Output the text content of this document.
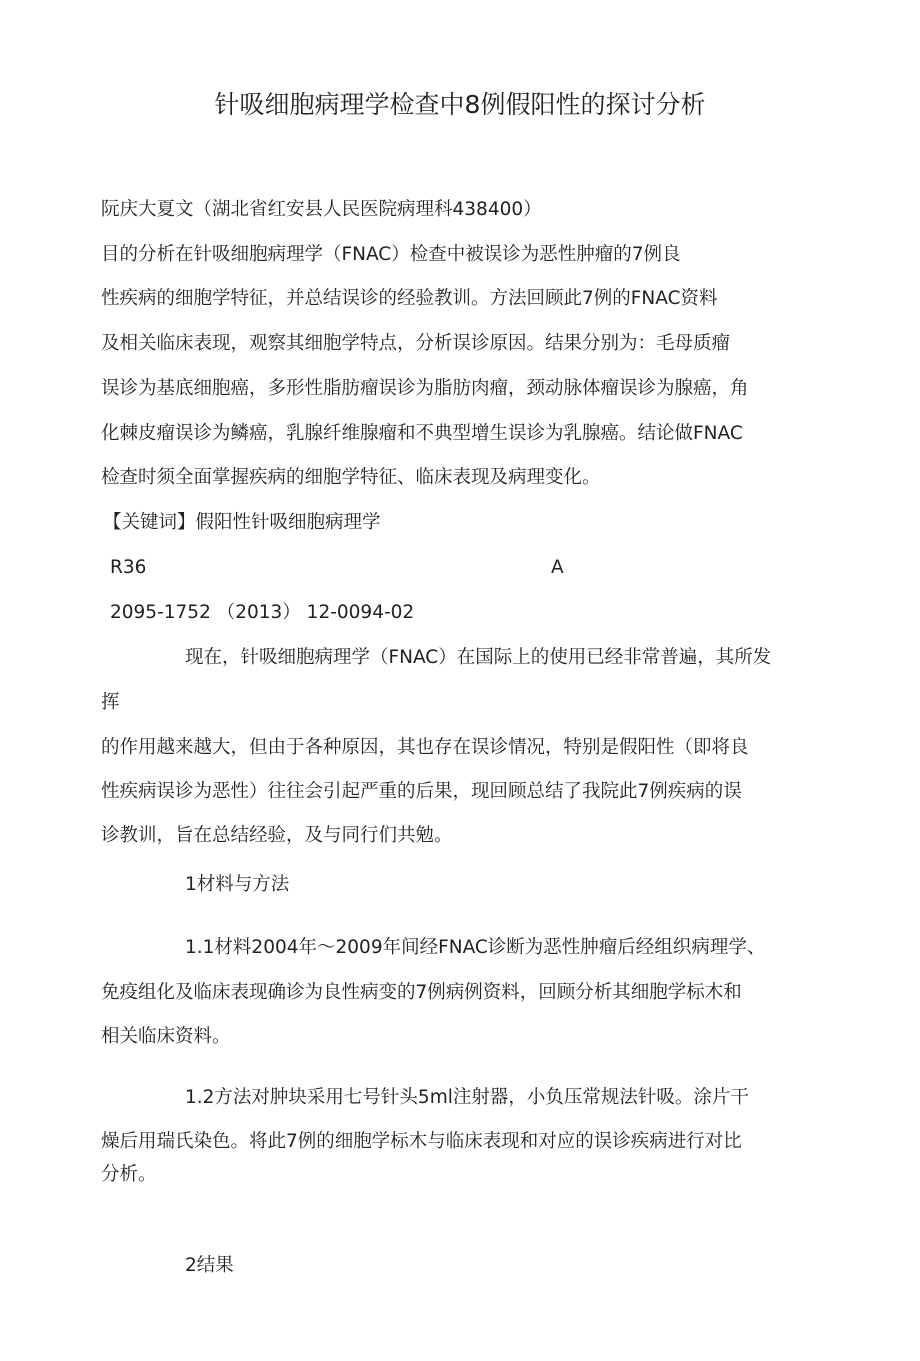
针吸细胞病理学检查中8例假阳性的探讨分析
阮庆大夏文（湖北省红安县人民医院病理科438400）
目的分析在针吸细胞病理学（FNAC）检查中被误诊为恶性肿瘤的7例良
性疾病的细胞学特征，并总结误诊的经验教训。方法回顾此7例的FNAC资料
及相关临床表现，观察其细胞学特点，分析误诊原因。结果分别为：毛母质瘤
误诊为基底细胞癌，多形性脂肪瘤误诊为脂肪肉瘤，颈动脉体瘤误诊为腺癌，角
化棘皮瘤误诊为鳞癌，乳腺纤维腺瘤和不典型增生误诊为乳腺癌。结论做FNAC
检查时须全面掌握疾病的细胞学特征、临床表现及病理变化。
【关键词】假阳性针吸细胞病理学
R36	A
2095-1752 （2013） 12-0094-02
现在，针吸细胞病理学（FNAC）在国际上的使用已经非常普遍，其所发
挥
的作用越来越大，但由于各种原因，其也存在误诊情况，特别是假阳性（即将良
性疾病误诊为恶性）往往会引起严重的后果，现回顾总结了我院此7例疾病的误
诊教训，旨在总结经验，及与同行们共勉。
1材料与方法
1.1材料2004年～2009年间经FNAC诊断为恶性肿瘤后经组织病理学、
免疫组化及临床表现确诊为良性病变的7例病例资料，回顾分析其细胞学标木和
相关临床资料。
1.2方法对肿块采用七号针头5ml注射器，小负压常规法针吸。涂片干
燥后用瑞氏染色。将此7例的细胞学标木与临床表现和对应的误诊疾病进行对比
分析。
2结果
